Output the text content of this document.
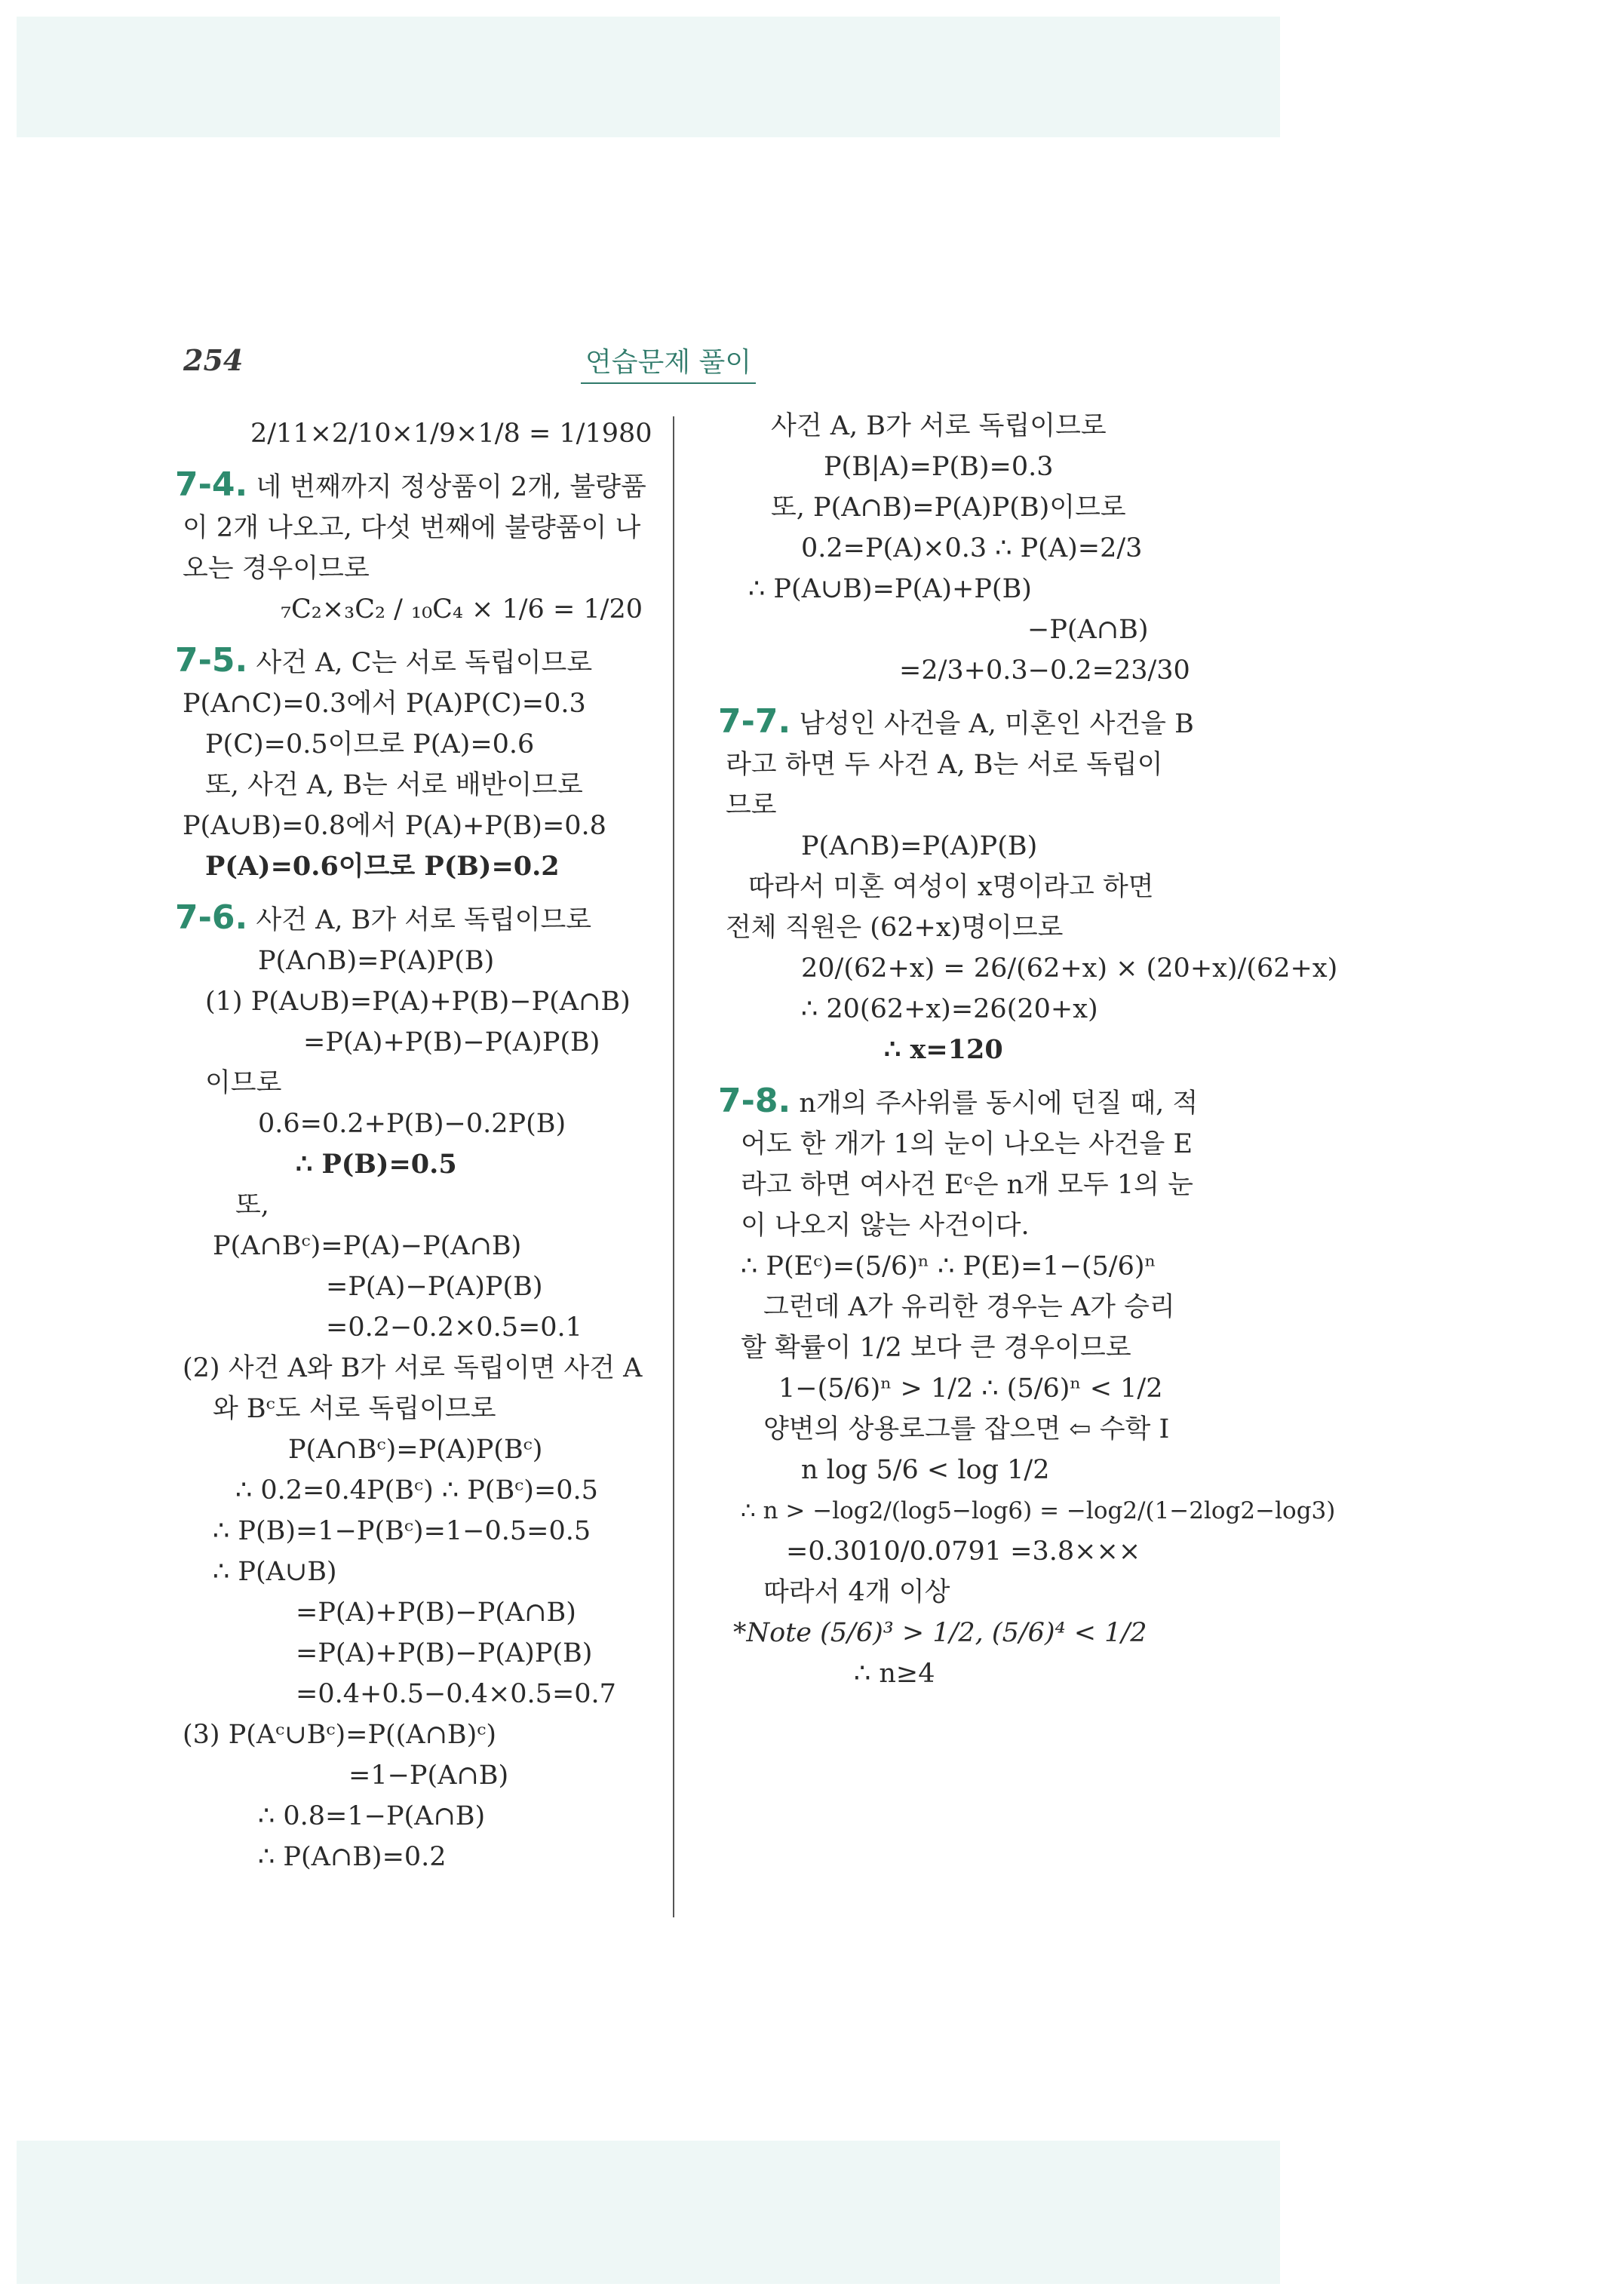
254	연습문제 풀이
2/11×2/10×1/9×1/8 = 1/1980
7-4. 네 번째까지 정상품이 2개, 불량품
이 2개 나오고, 다섯 번째에 불량품이 나
오는 경우이므로
₇C₂×₃C₂ / ₁₀C₄ × 1/6 = 1/20
7-5. 사건 A, C는 서로 독립이므로
P(A∩C)=0.3에서 P(A)P(C)=0.3
P(C)=0.5이므로 P(A)=0.6
또, 사건 A, B는 서로 배반이므로
P(A∪B)=0.8에서 P(A)+P(B)=0.8
P(A)=0.6이므로 P(B)=0.2
7-6. 사건 A, B가 서로 독립이므로
P(A∩B)=P(A)P(B)
(1) P(A∪B)=P(A)+P(B)−P(A∩B)
=P(A)+P(B)−P(A)P(B)
이므로
0.6=0.2+P(B)−0.2P(B)
∴ P(B)=0.5
또,
P(A∩Bᶜ)=P(A)−P(A∩B)
=P(A)−P(A)P(B)
=0.2−0.2×0.5=0.1
(2) 사건 A와 B가 서로 독립이면 사건 A
와 Bᶜ도 서로 독립이므로
P(A∩Bᶜ)=P(A)P(Bᶜ)
∴ 0.2=0.4P(Bᶜ) ∴ P(Bᶜ)=0.5
∴ P(B)=1−P(Bᶜ)=1−0.5=0.5
∴ P(A∪B)
=P(A)+P(B)−P(A∩B)
=P(A)+P(B)−P(A)P(B)
=0.4+0.5−0.4×0.5=0.7
(3) P(Aᶜ∪Bᶜ)=P((A∩B)ᶜ)
=1−P(A∩B)
∴ 0.8=1−P(A∩B)
∴ P(A∩B)=0.2
사건 A, B가 서로 독립이므로
P(B|A)=P(B)=0.3
또, P(A∩B)=P(A)P(B)이므로
0.2=P(A)×0.3 ∴ P(A)=2/3
∴ P(A∪B)=P(A)+P(B)
−P(A∩B)
=2/3+0.3−0.2=23/30
7-7. 남성인 사건을 A, 미혼인 사건을 B
라고 하면 두 사건 A, B는 서로 독립이
므로
P(A∩B)=P(A)P(B)
따라서 미혼 여성이 x명이라고 하면
전체 직원은 (62+x)명이므로
20/(62+x) = 26/(62+x) × (20+x)/(62+x)
∴ 20(62+x)=26(20+x)
∴ x=120
7-8. n개의 주사위를 동시에 던질 때, 적
어도 한 개가 1의 눈이 나오는 사건을 E
라고 하면 여사건 Eᶜ은 n개 모두 1의 눈
이 나오지 않는 사건이다.
∴ P(Eᶜ)=(5/6)ⁿ ∴ P(E)=1−(5/6)ⁿ
그런데 A가 유리한 경우는 A가 승리
할 확률이 1/2 보다 큰 경우이므로
1−(5/6)ⁿ > 1/2 ∴ (5/6)ⁿ < 1/2
양변의 상용로그를 잡으면 ⇦ 수학 I
n log 5/6 < log 1/2
∴ n > −log2/(log5−log6) = −log2/(1−2log2−log3)
=0.3010/0.0791 =3.8×××
따라서 4개 이상
*Note (5/6)³ > 1/2, (5/6)⁴ < 1/2
∴ n≥4
